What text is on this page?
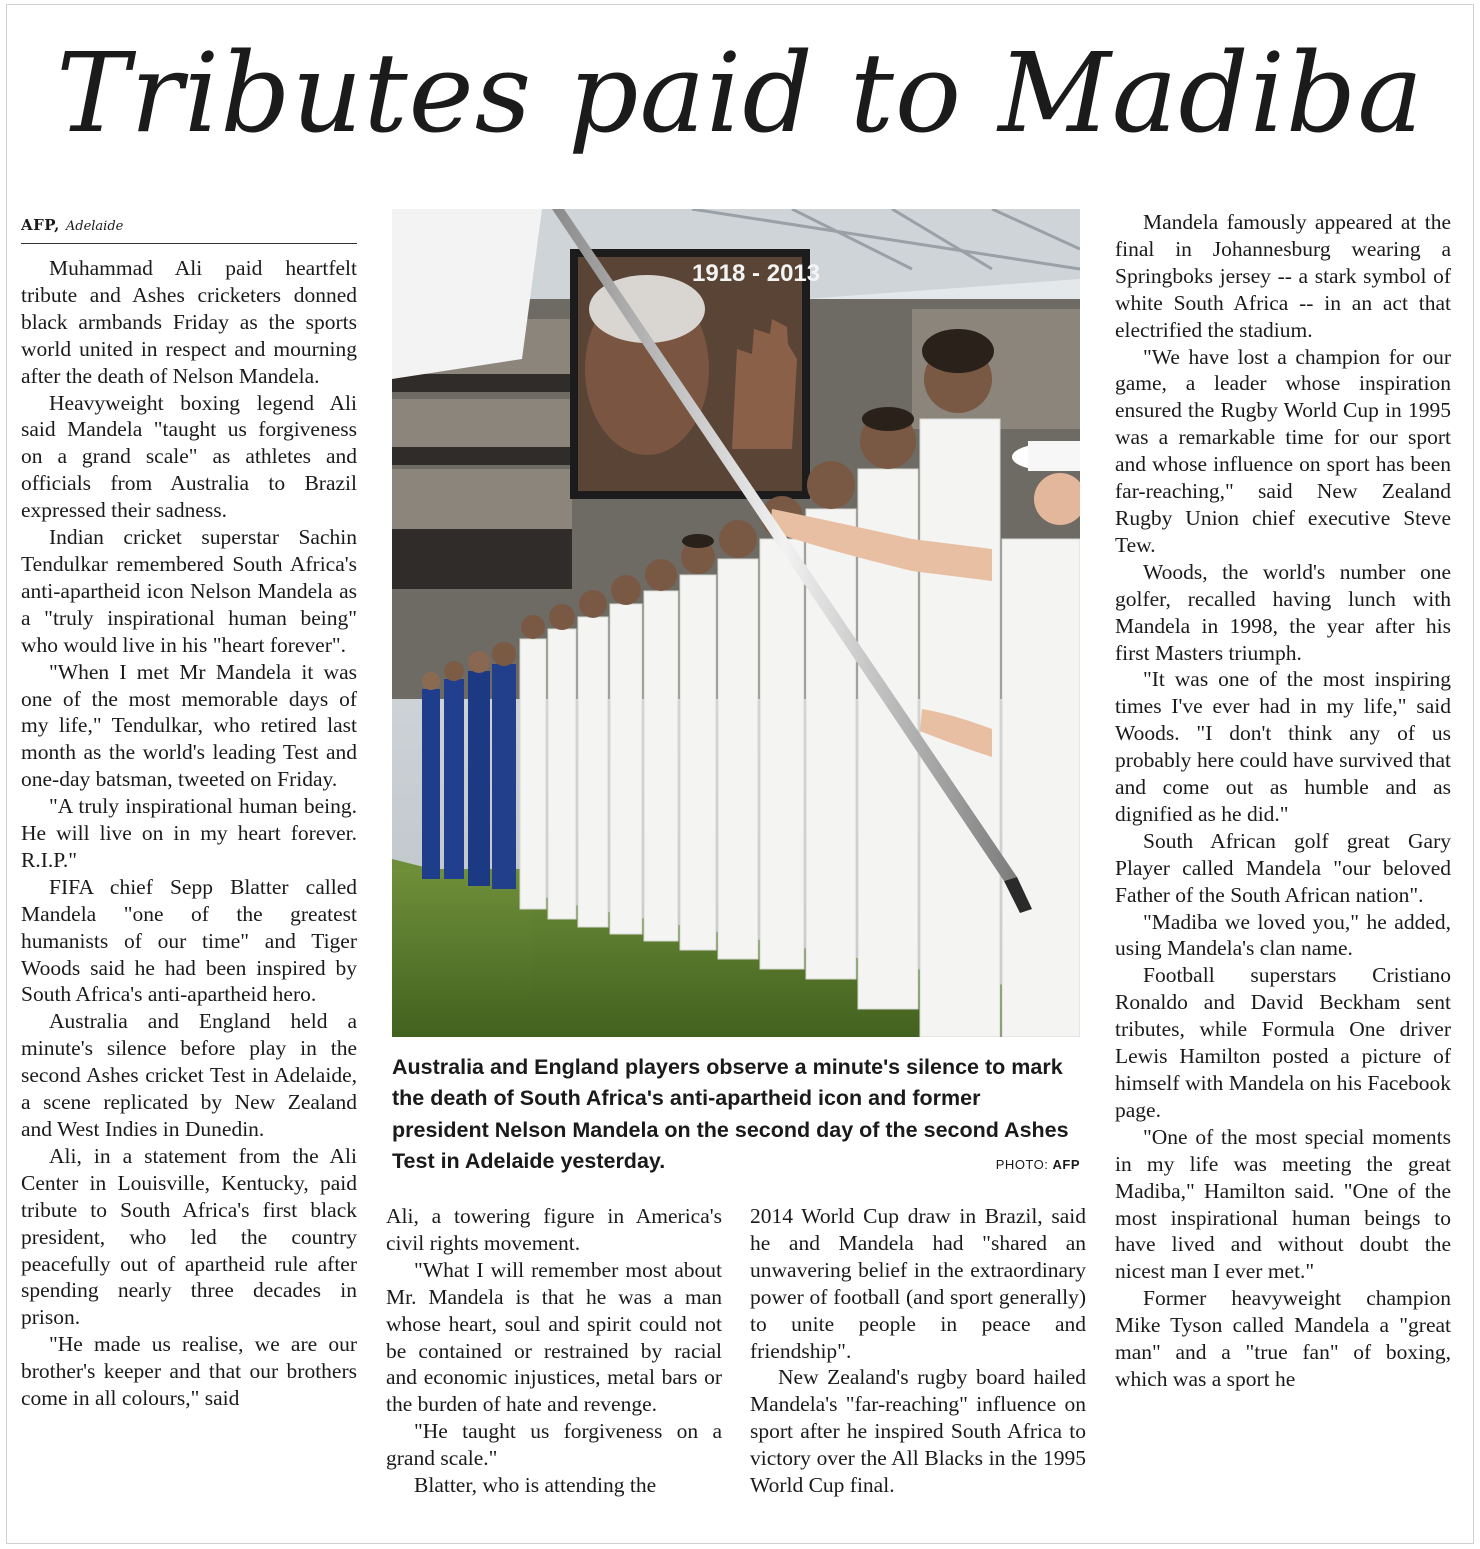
Tributes paid to Madiba
AFP, Adelaide

Muhammad Ali paid heartfelt tribute and Ashes cricketers donned black armbands Friday as the sports world united in respect and mourning after the death of Nelson Mandela.

Heavyweight boxing legend Ali said Mandela "taught us forgiveness on a grand scale" as athletes and officials from Australia to Brazil expressed their sadness.

Indian cricket superstar Sachin Tendulkar remembered South Africa's anti-apartheid icon Nelson Mandela as a "truly inspirational human being" who would live in his "heart forever".

"When I met Mr Mandela it was one of the most memorable days of my life," Tendulkar, who retired last month as the world's leading Test and one-day batsman, tweeted on Friday.

"A truly inspirational human being. He will live on in my heart forever. R.I.P."

FIFA chief Sepp Blatter called Mandela "one of the greatest humanists of our time" and Tiger Woods said he had been inspired by South Africa's anti-apartheid hero.

Australia and England held a minute's silence before play in the second Ashes cricket Test in Adelaide, a scene replicated by New Zealand and West Indies in Dunedin.

Ali, in a statement from the Ali Center in Louisville, Kentucky, paid tribute to South Africa's first black president, who led the country peacefully out of apartheid rule after spending nearly three decades in prison.

"He made us realise, we are our brother's keeper and that our brothers come in all colours," said

1918 - 2013
Australia and England players observe a minute's silence to mark the death of South Africa's anti-apartheid icon and former president Nelson Mandela on the second day of the second Ashes Test in Adelaide yesterday.	PHOTO: AFP

Ali, a towering figure in America's civil rights movement.

"What I will remember most about Mr. Mandela is that he was a man whose heart, soul and spirit could not be contained or restrained by racial and economic injustices, metal bars or the burden of hate and revenge.

"He taught us forgiveness on a grand scale."

Blatter, who is attending the

2014 World Cup draw in Brazil, said he and Mandela had "shared an unwavering belief in the extraordinary power of football (and sport generally) to unite people in peace and friendship".

New Zealand's rugby board hailed Mandela's "far-reaching" influence on sport after he inspired South Africa to victory over the All Blacks in the 1995 World Cup final.

Mandela famously appeared at the final in Johannesburg wearing a Springboks jersey -- a stark symbol of white South Africa -- in an act that electrified the stadium.

"We have lost a champion for our game, a leader whose inspiration ensured the Rugby World Cup in 1995 was a remarkable time for our sport and whose influence on sport has been far-reaching," said New Zealand Rugby Union chief executive Steve Tew.

Woods, the world's number one golfer, recalled having lunch with Mandela in 1998, the year after his first Masters triumph.

"It was one of the most inspiring times I've ever had in my life," said Woods. "I don't think any of us probably here could have survived that and come out as humble and as dignified as he did."

South African golf great Gary Player called Mandela "our beloved Father of the South African nation".

"Madiba we loved you," he added, using Mandela's clan name.

Football superstars Cristiano Ronaldo and David Beckham sent tributes, while Formula One driver Lewis Hamilton posted a picture of himself with Mandela on his Facebook page.

"One of the most special moments in my life was meeting the great Madiba," Hamilton said. "One of the most inspirational human beings to have lived and without doubt the nicest man I ever met."

Former heavyweight champion Mike Tyson called Mandela a "great man" and a "true fan" of boxing, which was a sport he
